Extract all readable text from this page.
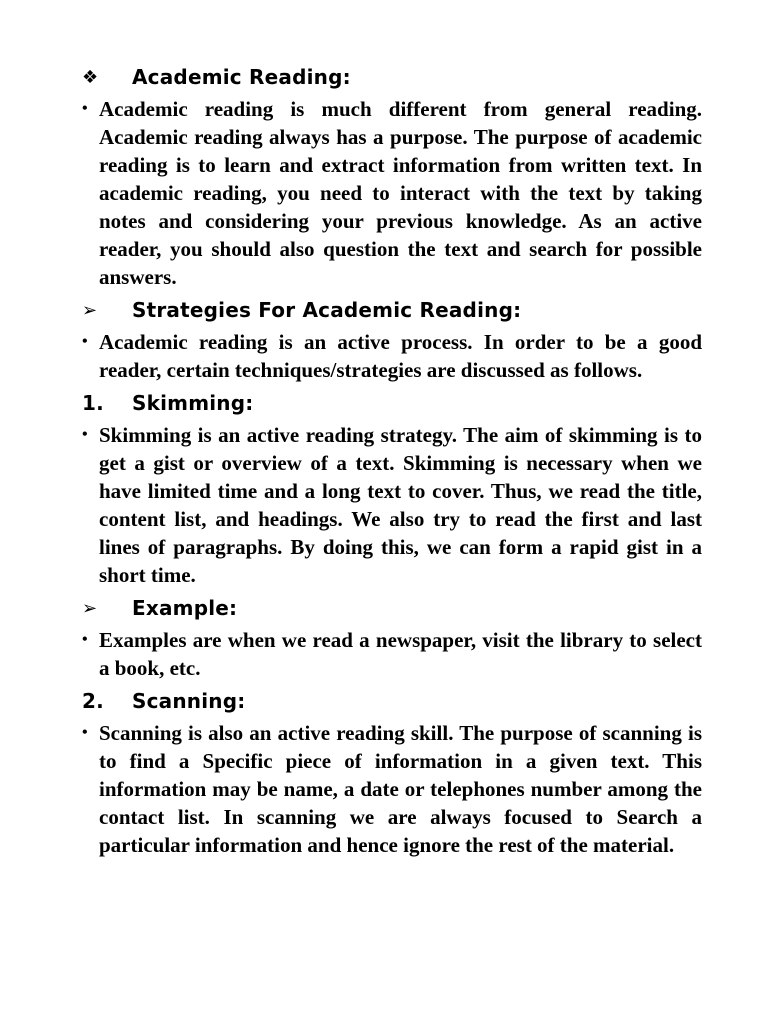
❖	Academic Reading:
• Academic reading is much different from general reading. Academic reading always has a purpose. The purpose of academic reading is to learn and extract information from written text. In academic reading, you need to interact with the text by taking notes and considering your previous knowledge. As an active reader, you should also question the text and search for possible answers.
➢	Strategies For Academic Reading:
• Academic reading is an active process. In order to be a good reader, certain techniques/strategies are discussed as follows.
1.	Skimming:
• Skimming is an active reading strategy. The aim of skimming is to get a gist or overview of a text. Skimming is necessary when we have limited time and a long text to cover. Thus, we read the title, content list, and headings. We also try to read the first and last lines of paragraphs. By doing this, we can form a rapid gist in a short time.
➢	Example:
• Examples are when we read a newspaper, visit the library to select a book, etc.
2.	Scanning:
• Scanning is also an active reading skill. The purpose of scanning is to find a Specific piece of information in a given text. This information may be name, a date or telephones number among the contact list. In scanning we are always focused to Search a particular information and hence ignore the rest of the material.
